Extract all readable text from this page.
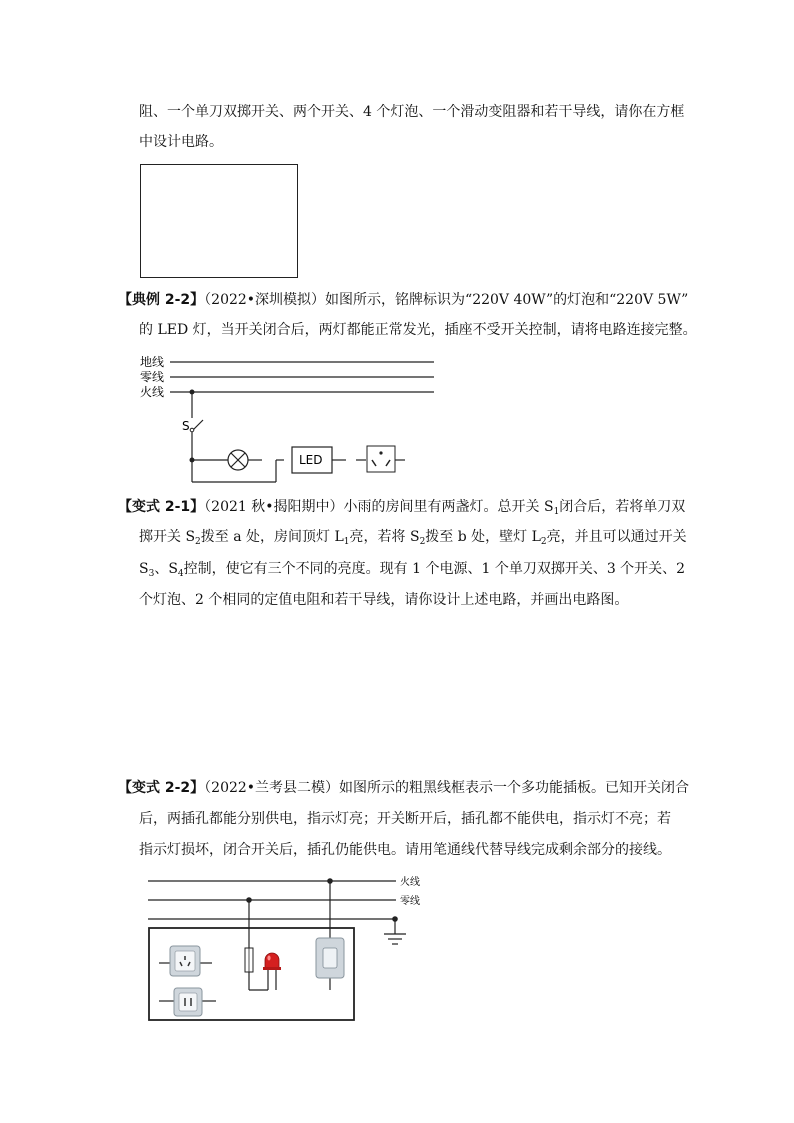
阻、一个单刀双掷开关、两个开关、4 个灯泡、一个滑动变阻器和若干导线，请你在方框
中设计电路。
【典例 2-2】（2022•深圳模拟）如图所示，铭牌标识为“220V 40W”的灯泡和“220V 5W”
的 LED 灯，当开关闭合后，两灯都能正常发光，插座不受开关控制，请将电路连接完整。
地线
零线
火线
S
LED
【变式 2-1】（2021 秋•揭阳期中）小雨的房间里有两盏灯。总开关 $S_1$闭合后，若将单刀双
掷开关 $S_2$拨至 a 处，房间顶灯 $L_1$亮，若将 $S_2$拨至 b 处，壁灯 $L_2$亮，并且可以通过开关
$S_3$、$S_4$控制，使它有三个不同的亮度。现有 1 个电源、1 个单刀双掷开关、3 个开关、2
个灯泡、2 个相同的定值电阻和若干导线，请你设计上述电路，并画出电路图。
【变式 2-2】（2022•兰考县二模）如图所示的粗黑线框表示一个多功能插板。已知开关闭合
后，两插孔都能分别供电，指示灯亮；开关断开后，插孔都不能供电，指示灯不亮；若
指示灯损坏，闭合开关后，插孔仍能供电。请用笔通线代替导线完成剩余部分的接线。
火线
零线
